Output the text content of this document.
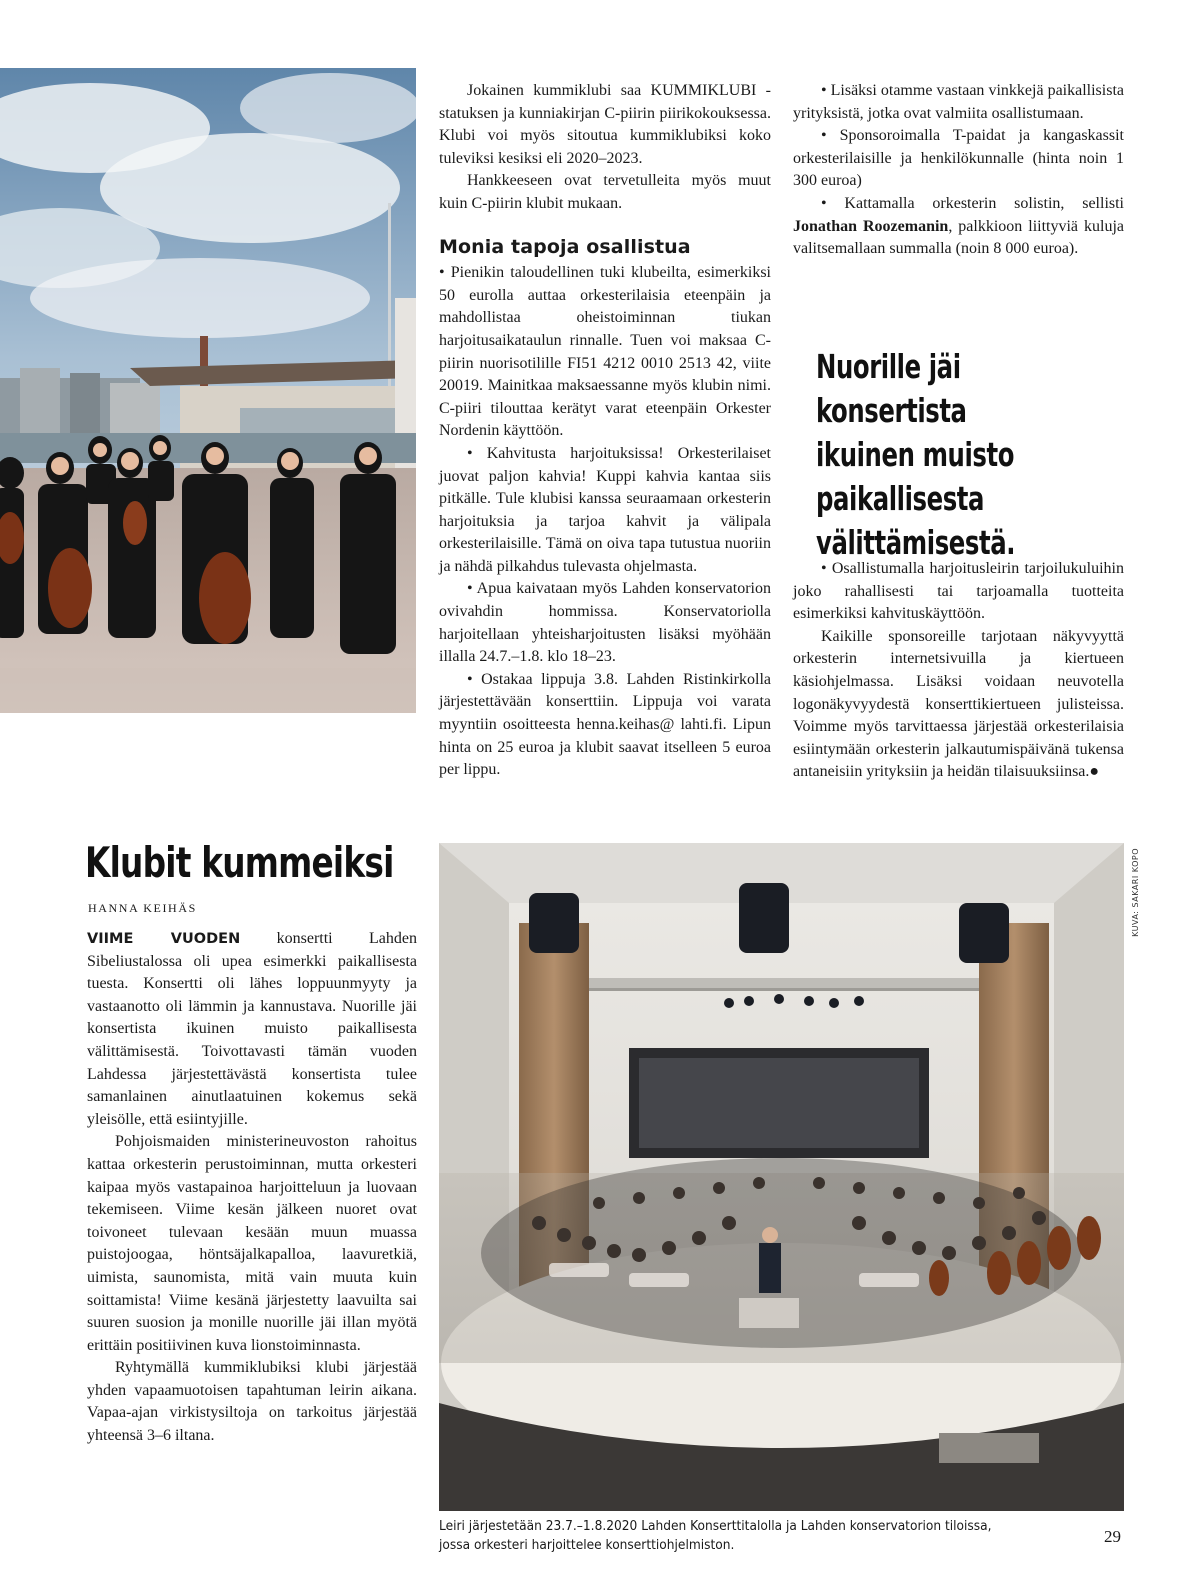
Jokainen kummiklubi saa KUMMIKLUBI -statuksen ja kunniakirjan C-piirin piirikokouksessa. Klubi voi myös sitoutua kummiklubiksi koko tuleviksi kesiksi eli 2020–2023.

Hankkeeseen ovat tervetulleita myös muut kuin C-piirin klubit mukaan.

Monia tapoja osallistua

• Pienikin taloudellinen tuki klubeilta, esimerkiksi 50 eurolla auttaa orkesterilaisia eteenpäin ja mahdollistaa oheistoiminnan tiukan harjoitusaikataulun rinnalle. Tuen voi maksaa C-piirin nuorisotilille FI51 4212 0010 2513 42, viite 20019. Mainitkaa maksaessanne myös klubin nimi. C-piiri tilouttaa kerätyt varat eteenpäin Orkester Nordenin käyttöön.

• Kahvitusta harjoituksissa! Orkesterilaiset juovat paljon kahvia! Kuppi kahvia kantaa siis pitkälle. Tule klubisi kanssa seuraamaan orkesterin harjoituksia ja tarjoa kahvit ja välipala orkesterilaisille. Tämä on oiva tapa tutustua nuoriin ja nähdä pilkahdus tulevasta ohjelmasta.

• Apua kaivataan myös Lahden konservatorion ovivahdin hommissa. Konservatoriolla harjoitellaan yhteisharjoitusten lisäksi myöhään illalla 24.7.–1.8. klo 18–23.

• Ostakaa lippuja 3.8. Lahden Ristinkirkolla järjestettävään konserttiin. Lippuja voi varata myyntiin osoitteesta henna.keihas@ lahti.fi. Lipun hinta on 25 euroa ja klubit saavat itselleen 5 euroa per lippu.

• Lisäksi otamme vastaan vinkkejä paikallisista yrityksistä, jotka ovat valmiita osallistumaan.

• Sponsoroimalla T-paidat ja kangaskassit orkesterilaisille ja henkilökunnalle (hinta noin 1 300 euroa)

• Kattamalla orkesterin solistin, sellisti Jonathan Roozemanin, palkkioon liittyviä kuluja valitsemallaan summalla (noin 8 000 euroa).

Nuorille jäi konsertista ikuinen muisto paikallisesta välittämisestä.

• Osallistumalla harjoitusleirin tarjoilukuluihin joko rahallisesti tai tarjoamalla tuotteita esimerkiksi kahvituskäyttöön.

Kaikille sponsoreille tarjotaan näkyvyyttä orkesterin internetsivuilla ja kiertueen käsiohjelmassa. Lisäksi voidaan neuvotella logonäkyvyydestä konserttikiertueen julisteissa. Voimme myös tarvittaessa järjestää orkesterilaisia esiintymään orkesterin jalkautumispäivänä tukensa antaneisiin yrityksiin ja heidän tilaisuuksiinsa.●

Klubit kummeiksi
HANNA KEIHÄS

VIIME VUODEN konsertti Lahden Sibeliustalossa oli upea esimerkki paikallisesta tuesta. Konsertti oli lähes loppuunmyyty ja vastaanotto oli lämmin ja kannustava. Nuorille jäi konsertista ikuinen muisto paikallisesta välittämisestä. Toivottavasti tämän vuoden Lahdessa järjestettävästä konsertista tulee samanlainen ainutlaatuinen kokemus sekä yleisölle, että esiintyjille.

Pohjoismaiden ministerineuvoston rahoitus kattaa orkesterin perustoiminnan, mutta orkesteri kaipaa myös vastapainoa harjoitteluun ja luovaan tekemiseen. Viime kesän jälkeen nuoret ovat toivoneet tulevaan kesään muun muassa puistojoogaa, höntsäjalkapalloa, laavuretkiä, uimista, saunomista, mitä vain muuta kuin soittamista! Viime kesänä järjestetty laavuilta sai suuren suosion ja monille nuorille jäi illan myötä erittäin positiivinen kuva lionstoiminnasta.

Ryhtymällä kummiklubiksi klubi järjestää yhden vapaamuotoisen tapahtuman leirin aikana. Vapaa-ajan virkistysiltoja on tarkoitus järjestää yhteensä 3–6 iltana.

KUVA: SAKARI KOPO
Leiri järjestetään 23.7.–1.8.2020 Lahden Konserttitalolla ja Lahden konservatorion tiloissa,
jossa orkesteri harjoittelee konserttiohjelmiston.	29
